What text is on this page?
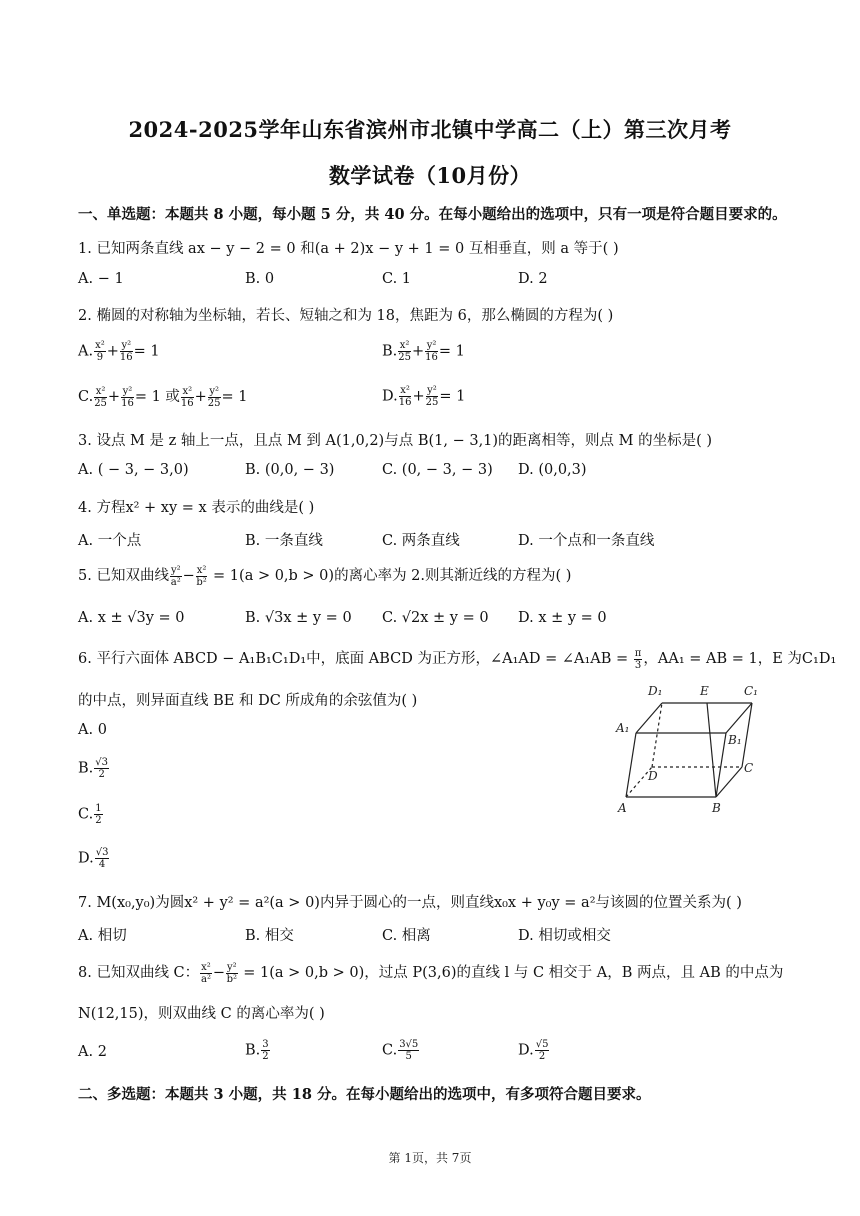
2024-2025学年山东省滨州市北镇中学高二（上）第三次月考
数学试卷（10月份）
一、单选题：本题共 8 小题，每小题 5 分，共 40 分。在每小题给出的选项中，只有一项是符合题目要求的。
1. 已知两条直线 ax − y − 2 = 0 和(a + 2)x − y + 1 = 0 互相垂直，则 a 等于( )
A. − 1	B. 0	C. 1	D. 2
2. 椭圆的对称轴为坐标轴，若长、短轴之和为 18，焦距为 6，那么椭圆的方程为( )
A. $\frac{\text{x²}}{9} + \frac{\text{y²}}{16} = 1$	B. $\frac{\text{x²}}{25} + \frac{\text{y²}}{16} = 1$
C. $\frac{\text{x²}}{25} + \frac{\text{y²}}{16} = 1$ 或 $\frac{\text{x²}}{16} + \frac{\text{y²}}{25} = 1$	D. $\frac{\text{x²}}{16} + \frac{\text{y²}}{25} = 1$
3. 设点 M 是 z 轴上一点，且点 M 到 A(1,0,2)与点 B(1, − 3,1)的距离相等，则点 M 的坐标是( )
A. ( − 3, − 3,0)	B. (0,0, − 3)	C. (0, − 3, − 3) D. (0,0,3)
4. 方程x² + xy = x 表示的曲线是( )
A. 一个点	B. 一条直线	C. 两条直线	D. 一个点和一条直线
5. 已知双曲线 $\frac{\text{y²}}{\text{a²}} - \frac{\text{x²}}{\text{b²}} = 1(a > 0,b > 0)$的离心率为 2.则其渐近线的方程为( )
A. x ± √3y = 0	B. √3x ± y = 0 C. √2x ± y = 0 D. x ± y = 0
6. 平行六面体 ABCD − A₁B₁C₁D₁中，底面 ABCD 为正方形，∠A₁AD = ∠A₁AB = $\frac{\pi}{3}$ ，AA₁ = AB = 1，E 为C₁D₁
的中点，则异面直线 BE 和 DC 所成角的余弦值为( )
A. 0
B. $\frac{√3}{2}$
C. $\frac{1}{2}$
D. $\frac{√3}{4}$
D₁	E	C₁
A₁
B₁
D
C
A	B
7. M(x₀,y₀)为圆x² + y² = a²(a > 0)内异于圆心的一点，则直线x₀x + y₀y = a²与该圆的位置关系为( )
A. 相切	B. 相交	C. 相离	D. 相切或相交
8. 已知双曲线 C： $\frac{\text{x²}}{\text{a²}} - \frac{\text{y²}}{\text{b²}} = 1(a > 0,b > 0)$，过点 P(3,6)的直线 l 与 C 相交于 A，B 两点，且 AB 的中点为
N(12,15)，则双曲线 C 的离心率为( )
A. 2	B. $\frac{3}{2}$	C. $\frac{3√5}{5}$	D. $\frac{√5}{2}$
二、多选题：本题共 3 小题，共 18 分。在每小题给出的选项中，有多项符合题目要求。
第 1页，共 7页
